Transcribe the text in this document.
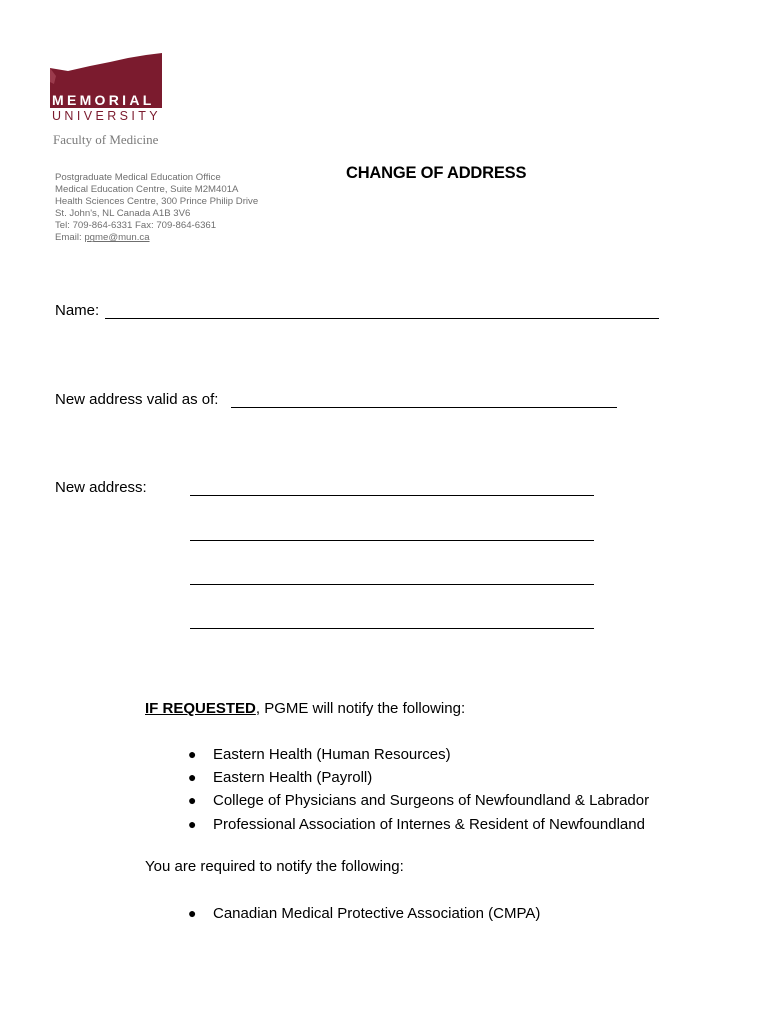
MEMORIAL
UNIVERSITY
Faculty of Medicine
Postgraduate Medical Education Office
Medical Education Centre, Suite M2M401A
Health Sciences Centre, 300 Prince Philip Drive
St. John's, NL Canada A1B 3V6
Tel: 709-864-6331 Fax: 709-864-6361
Email: pgme@mun.ca
CHANGE OF ADDRESS
Name:
New address valid as of:
New address:
IF REQUESTED, PGME will notify the following:
● Eastern Health (Human Resources)
● Eastern Health (Payroll)
● College of Physicians and Surgeons of Newfoundland & Labrador
● Professional Association of Internes & Resident of Newfoundland
You are required to notify the following:
● Canadian Medical Protective Association (CMPA)
